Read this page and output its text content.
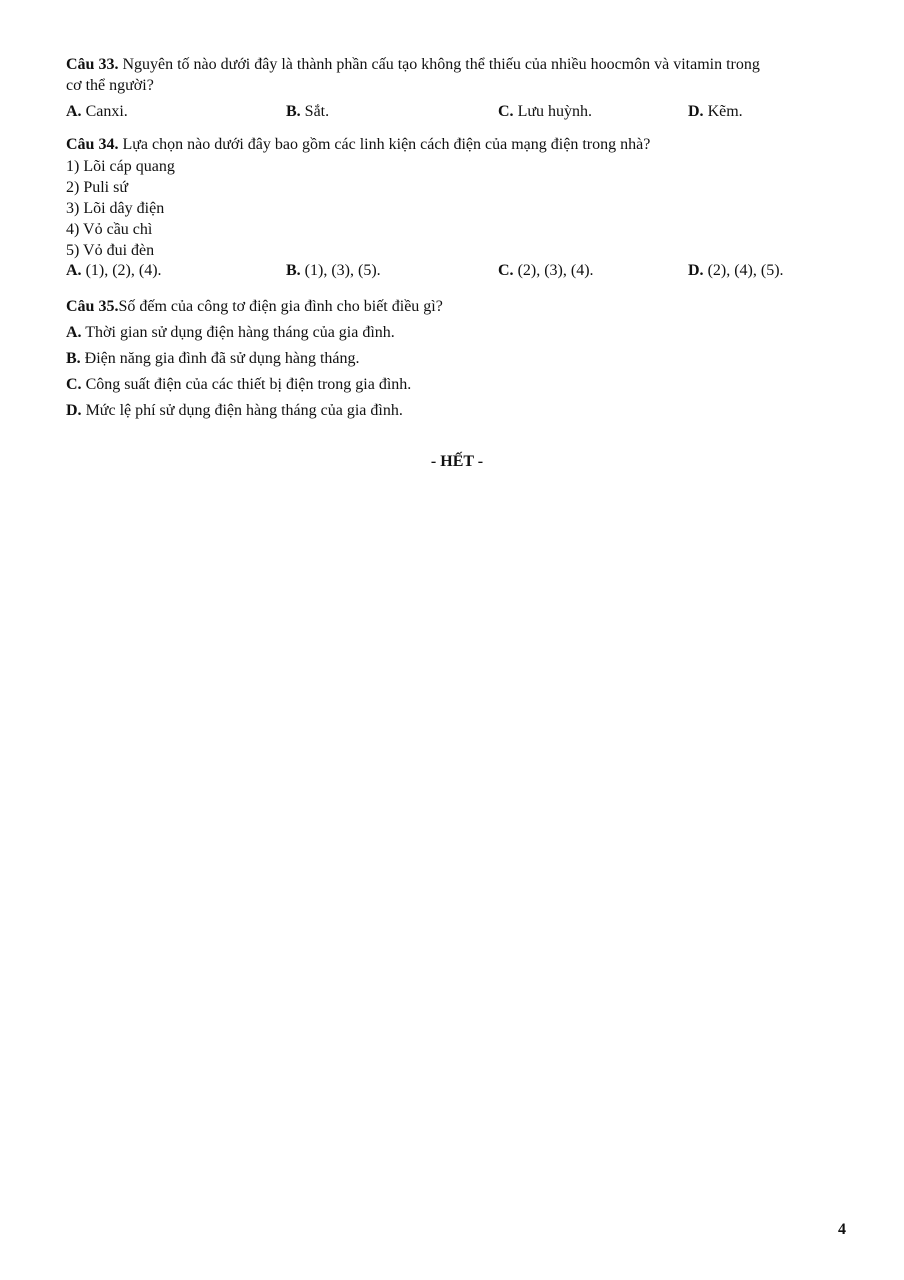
Câu 33. Nguyên tố nào dưới đây là thành phần cấu tạo không thể thiếu của nhiều hoocmôn và vitamin trong
cơ thể người?
A. Canxi.	B. Sắt.	C. Lưu huỳnh.	D. Kẽm.
Câu 34. Lựa chọn nào dưới đây bao gồm các linh kiện cách điện của mạng điện trong nhà?
1) Lõi cáp quang
2) Puli sứ
3) Lõi dây điện
4) Vỏ cầu chì
5) Vỏ đui đèn
A. (1), (2), (4).	B. (1), (3), (5).	C. (2), (3), (4).	D. (2), (4), (5).
Câu 35.Số đếm của công tơ điện gia đình cho biết điều gì?
A. Thời gian sử dụng điện hàng tháng của gia đình.
B. Điện năng gia đình đã sử dụng hàng tháng.
C. Công suất điện của các thiết bị điện trong gia đình.
D. Mức lệ phí sử dụng điện hàng tháng của gia đình.
- HẾT -
4
